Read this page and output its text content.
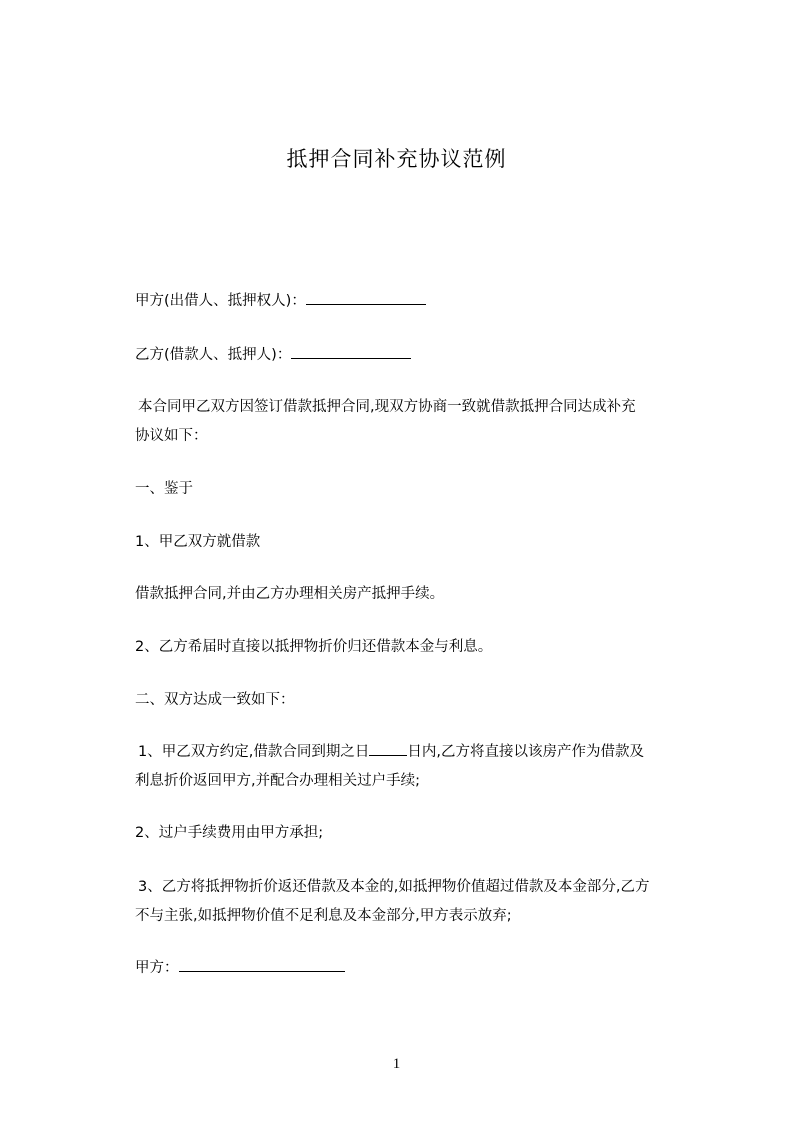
抵押合同补充协议范例
甲方(出借人、抵押权人)：
乙方(借款人、抵押人)：
本合同甲乙双方因签订借款抵押合同,现双方协商一致就借款抵押合同达成补充
协议如下：
一、鉴于
1、甲乙双方就借款
借款抵押合同,并由乙方办理相关房产抵押手续。
2、乙方希届时直接以抵押物折价归还借款本金与利息。
二、双方达成一致如下：
1、甲乙双方约定,借款合同到期之日	日内,乙方将直接以该房产作为借款及
利息折价返回甲方,并配合办理相关过户手续;
2、过户手续费用由甲方承担;
3、乙方将抵押物折价返还借款及本金的,如抵押物价值超过借款及本金部分,乙方
不与主张,如抵押物价值不足利息及本金部分,甲方表示放弃;
甲方：
1
